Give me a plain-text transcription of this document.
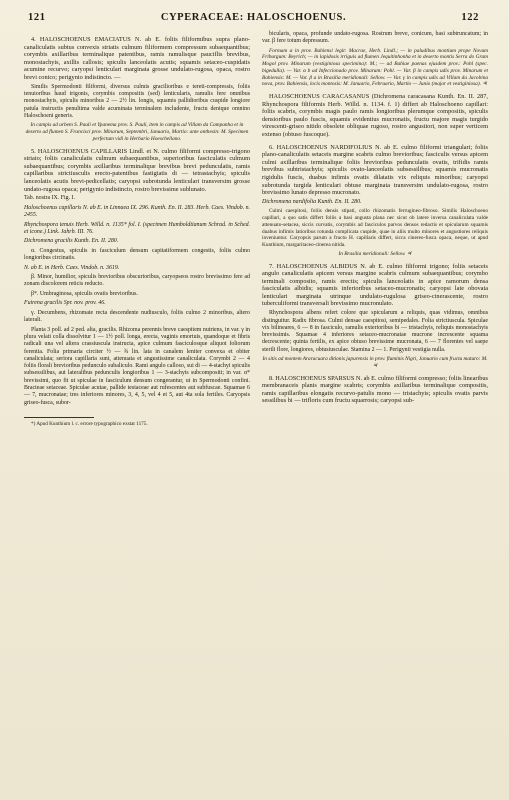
121	CYPERACEAE: HALOSCHOENUS.	122

4. HALOSCHOENUS EMACIATUS N. ab E. foliis filiformibus supra plano-canaliculatis subtus convexis striatis culmum filiformem compressum subaequantibus; corymbis axillaribus terminalique patentibus, ramis ramulisque pauciflis brevibus, monostachyis, axillis callosis; spiculis lanceolatis acutis; squamis setaceo-cuspidatis acumine recurvo; caryopsi lenticulari marginata grosse undulato-rugosa, opaca, rostro brevi conico; perigynio indistincto. —

Similis Spermodonti filiformi, diversus culmis gracilioribus e tereti-compressis, foliis tenuioribus haud trigonis, corymbis compositis (sed) lenticularis, ramulis fere omnibus monostachyis, spiculis minoribus 2 — 2½ lin. longis, squamis pallidioribus cuspide longiore patula instructis penultima valde acuminata terminalem includente, fructu denique omnino Haloschoeni generis.

In campis ad urbem S. Pauli et Ypanema prov. S. Pauli, item in campis ad Villam da Campanha et in deserto ad flumen S. Francisci prov. Minarum, Septembri, Januario, Martio: ante anthesin: M. Specimen perfectum vidi in Herbario Hoeschellano.

5. HALOSCHOENUS CAPILLARIS Lindl. et N. culmo filiformi compresso-trigono striato; foliis canaliculatis culmum subaequantibus, superioribus fasciculatis culmum subaequantibus; corymbis axillaribus terminalique brevibus brevi pedunculatis, ramis capillaribus strictiusculis erecto-patentibus fastigiatis di — tetrastachyis; spiculis lanceolatis acutis brevi-pedicellatis; caryopsi subrotunda lenticulari transversim grosse undato-rugosa opaca; perigynio indistincto, rostro brevissime sublunato.

Tab. nostra IX. Fig. I.

Haloschoenus capillaris N. ab E. in Linnaea IX. 296. Kunth. En. II. 283. Herb. Caes. Vindob. n. 2455.

Rhynchospora tenuis Herb. Willd. n. 1135* fol. I. (specimen Humboldtianum Schrad. in Sched. et icone.) Link. Jahrb. III. 76.

Dichromena gracilis Kunth. En. II. 280.

α. Congestus, spiculis in fasciculum densum capitatiformem congestis, foliis culmo longioribus circinatis.

N. ab E. in Herb. Caes. Vindob. n. 3619.

β. Minor, humilior, spiculis brevioribus obscurioribus, caryopseos rostro brevissimo fere ad zonam discolorem reticis reducto.

β*. Umbraginosa, spiculis ovatis brevioribus.

Fuirena gracilis Spr. nov. prov. 46.

γ. Decumbens, rhizomate recta descendente nudiusculo, foliis culmo 2 minoribus, altero laterali.

Planta 3 poll. ad 2 ped. alta, gracilis. Rhizoma perennis breve caespitem nutriens, in var. γ in plura velati colla dissolvitur 1 — 1½ poll. longa, erecta, vaginis emortuis, quandoque et fibris radicali una vel altera crassiuscula instructa, apice culmum fasciculosque aliquot foliorum ferentia. Folia primaria circiter ½ — ¾ lin. lata in canalem leniter convexa et obiter canaliculata; seriora capillaria sunt, attenuata et angustissime canaliculata. Corymbi 2 — 4 foliis florali brevioribus pedunculo subaliculo. Rami angulo calloso, sui di — 4-stachyi spiculis subsessilibus, aut lateralibus pedunculis longioribus 1 — 3-stachyis subcompositi; in var. α* brevissimi, quo fit ut spiculae in fasciculum densum congerantur, ut in Spermodonti confini. Bracteae setaceae. Spiculae acutae, pallide testaceae aut rufescentes aut subfuscae. Squamae 6 — 7, mucronatae; tres inferiores minores, 3, 4, 5, vel 4 et 5, aut 4ta sola fertiles. Caryopsis griseo-fusca, subor-

*) Apud Kunthium l. c. errore typographico exstat 1175.

bicularis, opaca, profunde undato-rugosa. Rostrum breve, conicum, basi subtruncatum; in var. β fere totum depressum.

Formam α in prov. Bahiensi legit: Macrae, Herb. Lindl.; — in paludibus montium prope Novum Friburgum: Beyrich; — in lapidosis irriguis ad flumen Jequitinhonha et in deserto montis Serra do Gram Mogol prov. Minarum (vestiginiosa specimina): M.; — ad Bahiae paenas ejusdem prov.: Pohl (spec. bigedulla). — Var. α b ad Infeccionado prov. Minarum: Pohl. — Var. β in campis udis prov. Minarum et Bahiensis: M. — Var. β a in Brasilia meridionali: Sellow. — Var. γ in campis udis ad Villam da Jacobina nova, prov. Bahiensis, locis montosis: M. Januario, Februario, Martio — Junio (major et vestiginiosa). ♃

HALOSCHOENUS CARACASANUS (Dichromena caracasana Kunth. En. II. 287, Rhynchospora filiformis Herb. Willd. n. 1134. f. 1) differt ab Haloschoeno capillari: foliis scabris, corymbis magis paulo ramis longioribus plerumque compositis, spiculis densioribus paulo fuscis, squamis evidentius mucronatis, fructu majore magis turgido virescenti-griseo nitido obsolete obliquae rugoso, rostro angustiori, non super verticem extenso (obtuso fuscoque).

6. HALOSCHOENUS NARDIFOLIUS N. ab E. culmo filiformi triangulari; foliis plano-canaliculatis setaceis margine scabris culmo brevioribus; fasciculis versus apicem culmi axillaribus terminalique foliis brevioribus pedunculatis ovatis, trifidis ramis brevibus subtristachyis; spiculis ovato-lanceolatis subsessilibus; squamis mucronatis rigidulis fuscis, duabus infimis ovatis dilatatis vix reliquis minoribus; caryopsi subrotunda turgida lenticulari obtuse marginata transversim undulato-rugosa, rostro brevissimo lunato depresso mucronato.

Dichromena nardifolia Kunth. En. II. 280.

Culmi caespitosi, foliis densis stipati, collo rhizomatis ferrugineo-fibroso. Similis Haloschoeno capillari, a quo satis differt foliis a basi angusta plana nec sicut ob latere inversa canaliculata valde attenuato-setacea, siccis curvatis, corymbis ad fasciculos parvos densos redactis et spicularum squamis duabus infimis latioribus rotunda complicata cuspide, quae in aliis multo minores et angustiores reliquis inveniuntur. Caryopsis parum a fructu H. capillaris differt, sicca cinereo-fusca opaca, neque, ut apud Kunthium, margaritaceo-cinerea nitida.

In Brasilia meridionali: Sellow. ♃

7. HALOSCHOENUS ALBIDUS N. ab E. culmo filiformi trigono; foliis setaceis angulo canaliculatis apicem versus margine scabris culmum subaequantibus; corymbo terminali composito, ramis erectis; spiculis lanceolatis in apice ramorum densa fasciculatis albidis; squamis inferioribus setaceo-mucronatis; caryopsi late obovata lenticulari marginata utrinque undulato-rugulosa griseo-cinerascente, rostro tuberculiformi transversali brevissimo mucronulato.

Rhynchospora albens refert colore que spicularum a reliquis, quas vidimus, omnibus distinguitur. Radix fibrosa. Culmi densae caespitosi, semipedales. Folia strictiuscula. Spiculae vix bilineares, 6 — 8 in fasciculo, ramulis exterioribus bi — tristachyis, reliquis monostachyis brevissimis. Squamae 4 inferiores setaceo-mucronatae mucrone increscente squama decrescente; quinta fertilis, ex apice obtuso brevissime mucronata, 6 — 7 florentes vel saepe sterili flore, longiores, obtusiusculae. Stamina 2 — 1. Perigynii vestigia nulla.

In sitis ad montem Araracuara ditionis japurensis in prov. fluminis Nigri, Januario cum fructu maturo: M. ♃

8. HALOSCHOENUS SPARSUS N. ab E. culmo filiformi compresso; foliis linearibus membranaceis planis margine scabris; corymbis axillaribus terminalique compositis, ramis capillaribus elongatis recurvo-patulis mono — tristachyis; spiculis ovatis parvis sessilibus bi — trifloris cum fructu squarrosis; caryopsi sub-
